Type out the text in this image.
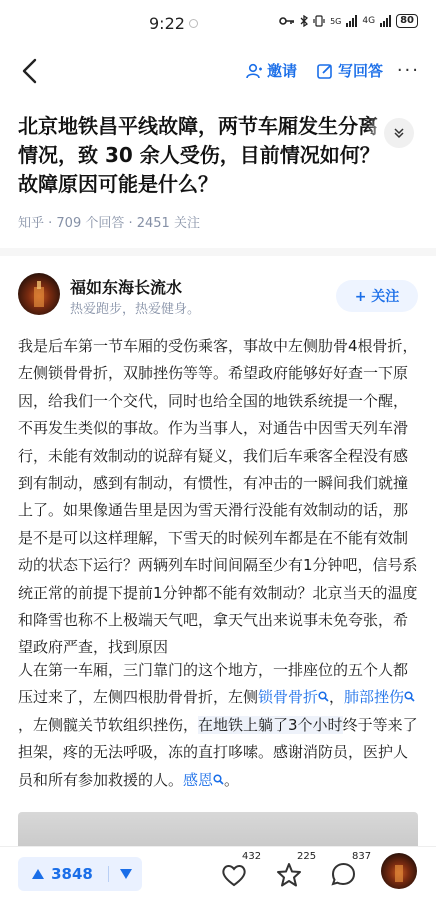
9:22	5G 4G	80
邀请	写回答 ···
北京地铁昌平线故障，两节车厢发生分离情况，致 30 余人受伤，目前情况如何？故障原因可能是什么？
知乎 · 709 个回答 · 2451 关注
福如东海长流水
热爱跑步，热爱健身。
+ 关注
我是后车第一节车厢的受伤乘客，事故中左侧肋骨4根骨折，左侧锁骨骨折，双肺挫伤等等。希望政府能够好好查一下原因，给我们一个交代，同时也给全国的地铁系统提一个醒，不再发生类似的事故。作为当事人，对通告中因雪天列车滑行，未能有效制动的说辞有疑义，我们后车乘客全程没有感到有制动，感到有制动，有惯性，有冲击的一瞬间我们就撞上了。如果像通告里是因为雪天滑行没能有效制动的话，那是不是可以这样理解，下雪天的时候列车都是在不能有效制动的状态下运行？两辆列车时间间隔至少有1分钟吧，信号系统正常的前提下提前1分钟都不能有效制动？北京当天的温度和降雪也称不上极端天气吧，拿天气出来说事未免夸张，希望政府严查，找到原因
人在第一车厢，三门靠门的这个地方，一排座位的五个人都压过来了，左侧四根肋骨骨折，左侧锁骨骨折 ，肺部挫伤，左侧髋关节软组织挫伤，在地铁上躺了3个小时终于等来了担架，疼的无法呼吸，冻的直打哆嗦。感谢消防员，医护人员和所有参加救援的人。感恩 。
3848
432	225	837
